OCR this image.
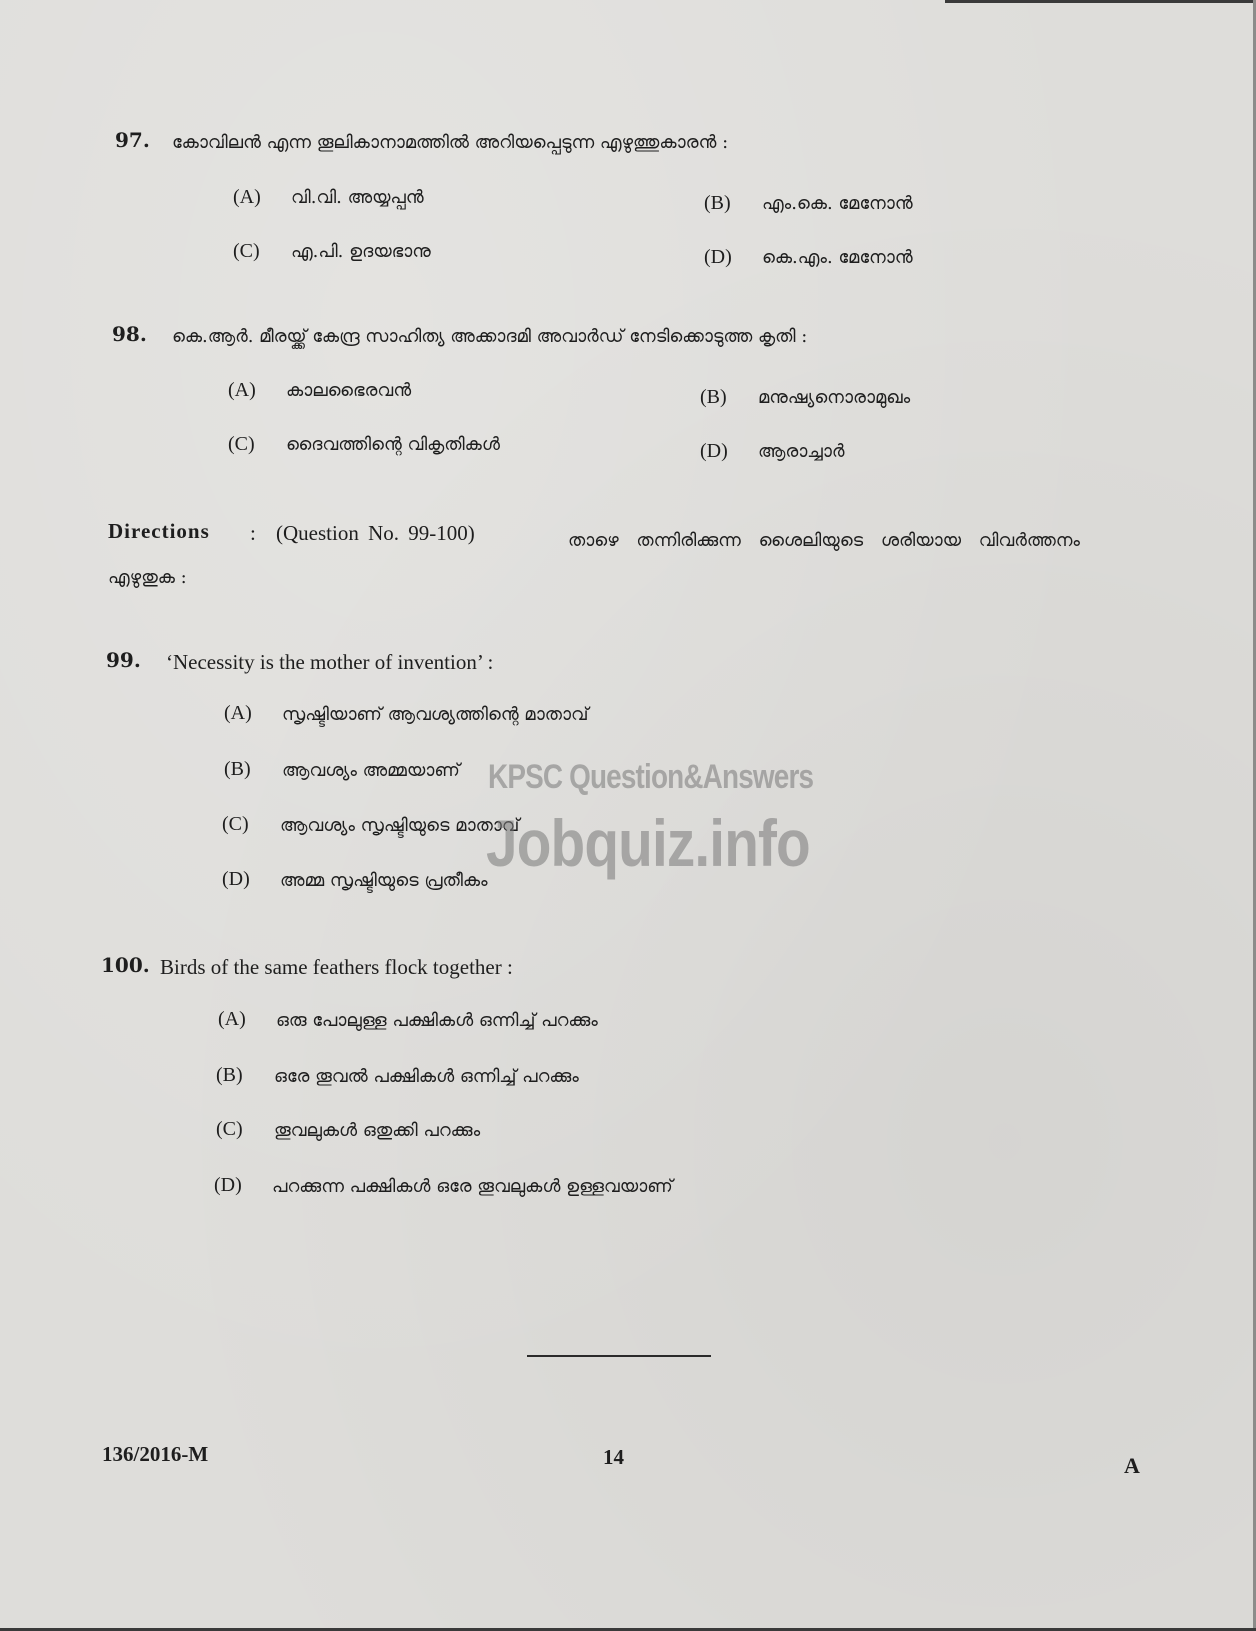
97. കോവിലൻ എന്ന തൂലികാനാമത്തിൽ അറിയപ്പെടുന്ന എഴുത്തുകാരൻ :
(A) വി.വി. അയ്യപ്പൻ	(B) എം.കെ. മേനോൻ
(C) എ.പി. ഉദയഭാനു	(D) കെ.എം. മേനോൻ
98. കെ.ആർ. മീരയ്ക്ക് കേന്ദ്ര സാഹിത്യ അക്കാദമി അവാർഡ് നേടിക്കൊടുത്ത കൃതി :
(A) കാലഭൈരവൻ	(B) മനുഷ്യനൊരാമുഖം
(C) ദൈവത്തിന്റെ വികൃതികൾ	(D) ആരാച്ചാർ
Directions : (Question No. 99-100)	താഴെ തന്നിരിക്കുന്ന ശൈലിയുടെ ശരിയായ വിവർത്തനം
എഴുതുക :
99. ‘Necessity is the mother of invention’ :
(A) സൃഷ്ടിയാണ് ആവശ്യത്തിന്റെ മാതാവ്
(B) ആവശ്യം അമ്മയാണ്
(C) ആവശ്യം സൃഷ്ടിയുടെ മാതാവ്
(D) അമ്മ സൃഷ്ടിയുടെ പ്രതീകം
KPSC Question&Answers
Jobquiz.info
100. Birds of the same feathers flock together :
(A) ഒരു പോലുള്ള പക്ഷികൾ ഒന്നിച്ച് പറക്കും
(B) ഒരേ തൂവൽ പക്ഷികൾ ഒന്നിച്ച് പറക്കും
(C) തൂവലുകൾ ഒതുക്കി പറക്കും
(D) പറക്കുന്ന പക്ഷികൾ ഒരേ തൂവലുകൾ ഉള്ളവയാണ്
136/2016-M	14	A
